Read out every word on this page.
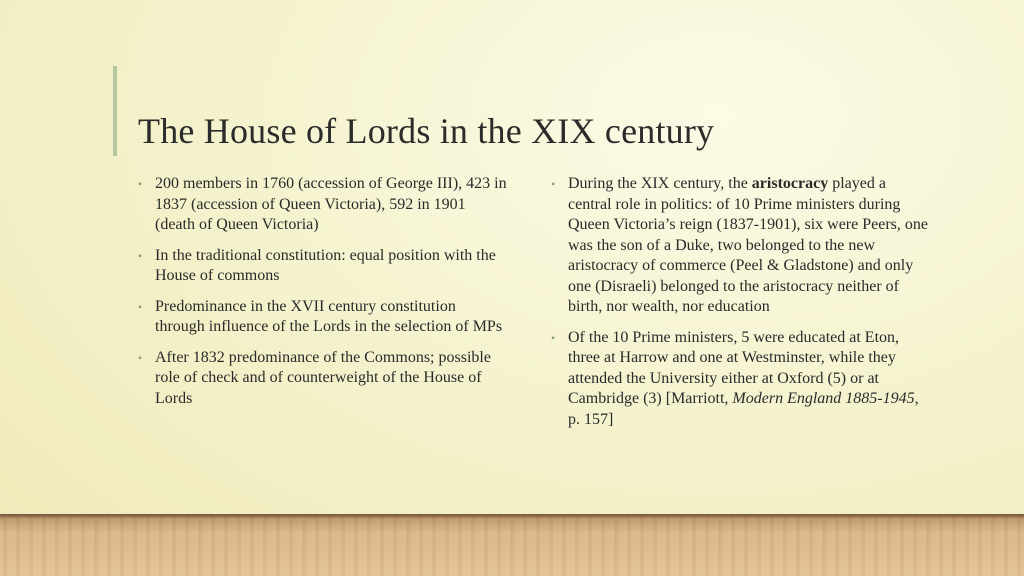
The House of Lords in the XIX century
• 200 members in 1760 (accession of George III), 423 in 1837 (accession of Queen Victoria), 592 in 1901 (death of Queen Victoria)
• In the traditional constitution: equal position with the House of commons
• Predominance in the XVII century constitution through influence of the Lords in the selection of MPs
• After 1832 predominance of the Commons; possible role of check and of counterweight of the House of Lords
• During the XIX century, the aristocracy played a central role in politics: of 10 Prime ministers during Queen Victoria’s reign (1837-1901), six were Peers, one was the son of a Duke, two belonged to the new aristocracy of commerce (Peel & Gladstone) and only one (Disraeli) belonged to the aristocracy neither of birth, nor wealth, nor education
• Of the 10 Prime ministers, 5 were educated at Eton, three at Harrow and one at Westminster, while they attended the University either at Oxford (5) or at Cambridge (3) [Marriott, Modern England 1885-1945, p. 157]
